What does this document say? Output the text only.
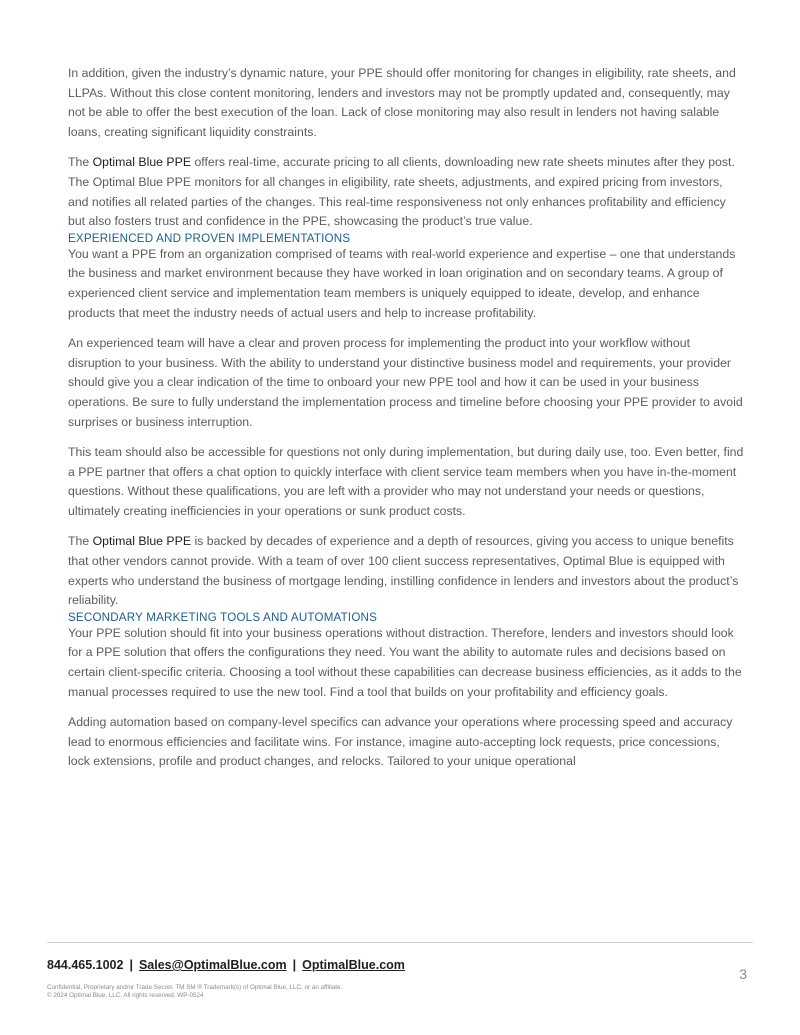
In addition, given the industry’s dynamic nature, your PPE should offer monitoring for changes in eligibility, rate sheets, and LLPAs. Without this close content monitoring, lenders and investors may not be promptly updated and, consequently, may not be able to offer the best execution of the loan. Lack of close monitoring may also result in lenders not having salable loans, creating significant liquidity constraints.

The Optimal Blue PPE offers real-time, accurate pricing to all clients, downloading new rate sheets minutes after they post. The Optimal Blue PPE monitors for all changes in eligibility, rate sheets, adjustments, and expired pricing from investors, and notifies all related parties of the changes. This real-time responsiveness not only enhances profitability and efficiency but also fosters trust and confidence in the PPE, showcasing the product’s true value.

EXPERIENCED AND PROVEN IMPLEMENTATIONS

You want a PPE from an organization comprised of teams with real-world experience and expertise – one that understands the business and market environment because they have worked in loan origination and on secondary teams. A group of experienced client service and implementation team members is uniquely equipped to ideate, develop, and enhance products that meet the industry needs of actual users and help to increase profitability.

An experienced team will have a clear and proven process for implementing the product into your workflow without disruption to your business. With the ability to understand your distinctive business model and requirements, your provider should give you a clear indication of the time to onboard your new PPE tool and how it can be used in your business operations. Be sure to fully understand the implementation process and timeline before choosing your PPE provider to avoid surprises or business interruption.

This team should also be accessible for questions not only during implementation, but during daily use, too. Even better, find a PPE partner that offers a chat option to quickly interface with client service team members when you have in-the-moment questions. Without these qualifications, you are left with a provider who may not understand your needs or questions, ultimately creating inefficiencies in your operations or sunk product costs.

The Optimal Blue PPE is backed by decades of experience and a depth of resources, giving you access to unique benefits that other vendors cannot provide. With a team of over 100 client success representatives, Optimal Blue is equipped with experts who understand the business of mortgage lending, instilling confidence in lenders and investors about the product’s reliability.

SECONDARY MARKETING TOOLS AND AUTOMATIONS

Your PPE solution should fit into your business operations without distraction. Therefore, lenders and investors should look for a PPE solution that offers the configurations they need. You want the ability to automate rules and decisions based on certain client-specific criteria. Choosing a tool without these capabilities can decrease business efficiencies, as it adds to the manual processes required to use the new tool. Find a tool that builds on your profitability and efficiency goals.

Adding automation based on company-level specifics can advance your operations where processing speed and accuracy lead to enormous efficiencies and facilitate wins. For instance, imagine auto-accepting lock requests, price concessions, lock extensions, profile and product changes, and relocks. Tailored to your unique operational

844.465.1002 | Sales@OptimalBlue.com | OptimalBlue.com
Confidential, Proprietary and/or Trade Secret. TM SM ® Trademark(s) of Optimal Blue, LLC, or an affiliate.
© 2024 Optimal Blue, LLC. All rights reserved. WP-0524
3
